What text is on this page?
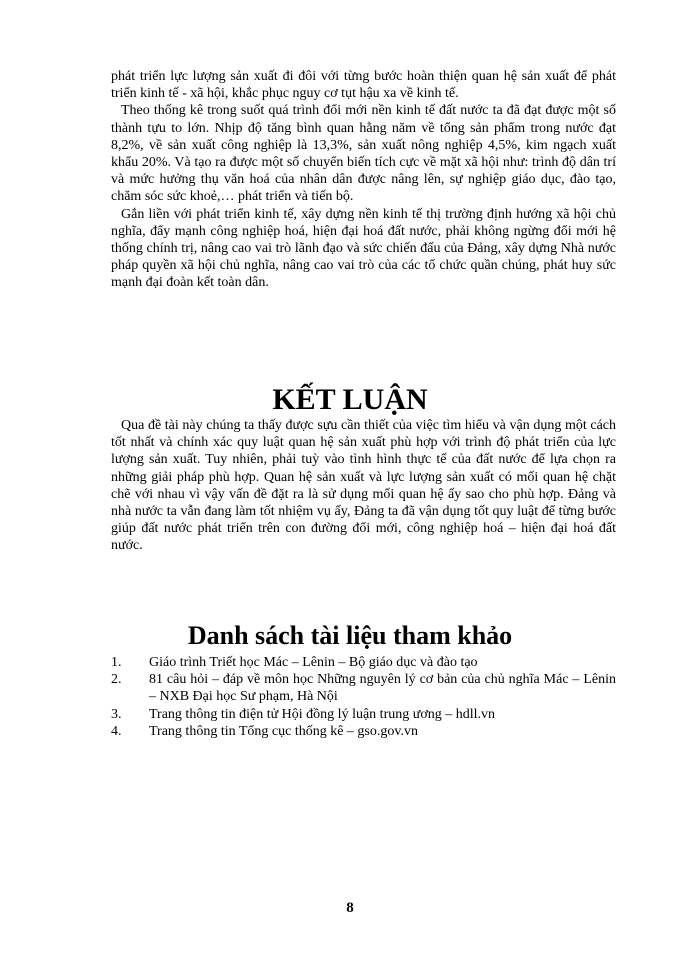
phát triển lực lượng sản xuất đi đôi với từng bước hoàn thiện quan hệ sản xuất để phát triển kinh tế - xã hội, khắc phục nguy cơ tụt hậu xa về kinh tế.

Theo thống kê trong suốt quá trình đổi mới nền kinh tế đất nước ta đã đạt được một số thành tựu to lớn. Nhịp độ tăng bình quan hằng năm về tổng sản phẩm trong nước đạt 8,2%, về sản xuất công nghiệp là 13,3%, sản xuất nông nghiệp 4,5%, kim ngạch xuất khẩu 20%. Và tạo ra được một số chuyển biến tích cực về mặt xã hội như: trình độ dân trí và mức hưởng thụ văn hoá của nhân dân được nâng lên, sự nghiệp giáo dục, đào tạo, chăm sóc sức khoẻ,… phát triển và tiến bộ.

Gắn liền với phát triển kinh tế, xây dựng nền kinh tế thị trường định hướng xã hội chủ nghĩa, đẩy mạnh công nghiệp hoá, hiện đại hoá đất nước, phải không ngừng đổi mới hệ thống chính trị, nâng cao vai trò lãnh đạo và sức chiến đấu của Đảng, xây dựng Nhà nước pháp quyền xã hội chủ nghĩa, nâng cao vai trò của các tổ chức quần chúng, phát huy sức mạnh đại đoàn kết toàn dân.

KẾT LUẬN

Qua đề tài này chúng ta thấy được sựu cần thiết của việc tìm hiểu và vận dụng một cách tốt nhất và chính xác quy luật quan hệ sản xuất phù hợp với trình độ phát triển của lực lượng sản xuất. Tuy nhiên, phải tuỳ vào tình hình thực tế của đất nước để lựa chọn ra những giải pháp phù hợp. Quan hệ sản xuất và lực lượng sản xuất có mối quan hệ chặt chẽ với nhau vì vậy vấn đề đặt ra là sử dụng mối quan hệ ấy sao cho phù hợp. Đảng và nhà nước ta vẫn đang làm tốt nhiệm vụ ấy, Đảng ta đã vận dụng tốt quy luật để từng bước giúp đất nước phát triển trên con đường đổi mới, công nghiệp hoá – hiện đại hoá đất nước.

Danh sách tài liệu tham khảo
1.	Giáo trình Triết học Mác – Lênin – Bộ giáo dục và đào tạo
2.	81 câu hỏi – đáp về môn học Những nguyên lý cơ bản của chủ nghĩa Mác – Lênin – NXB Đại học Sư phạm, Hà Nội
3.	Trang thông tin điện tử Hội đồng lý luận trung ương – hdll.vn
4.	Trang thông tin Tổng cục thống kê – gso.gov.vn
8
